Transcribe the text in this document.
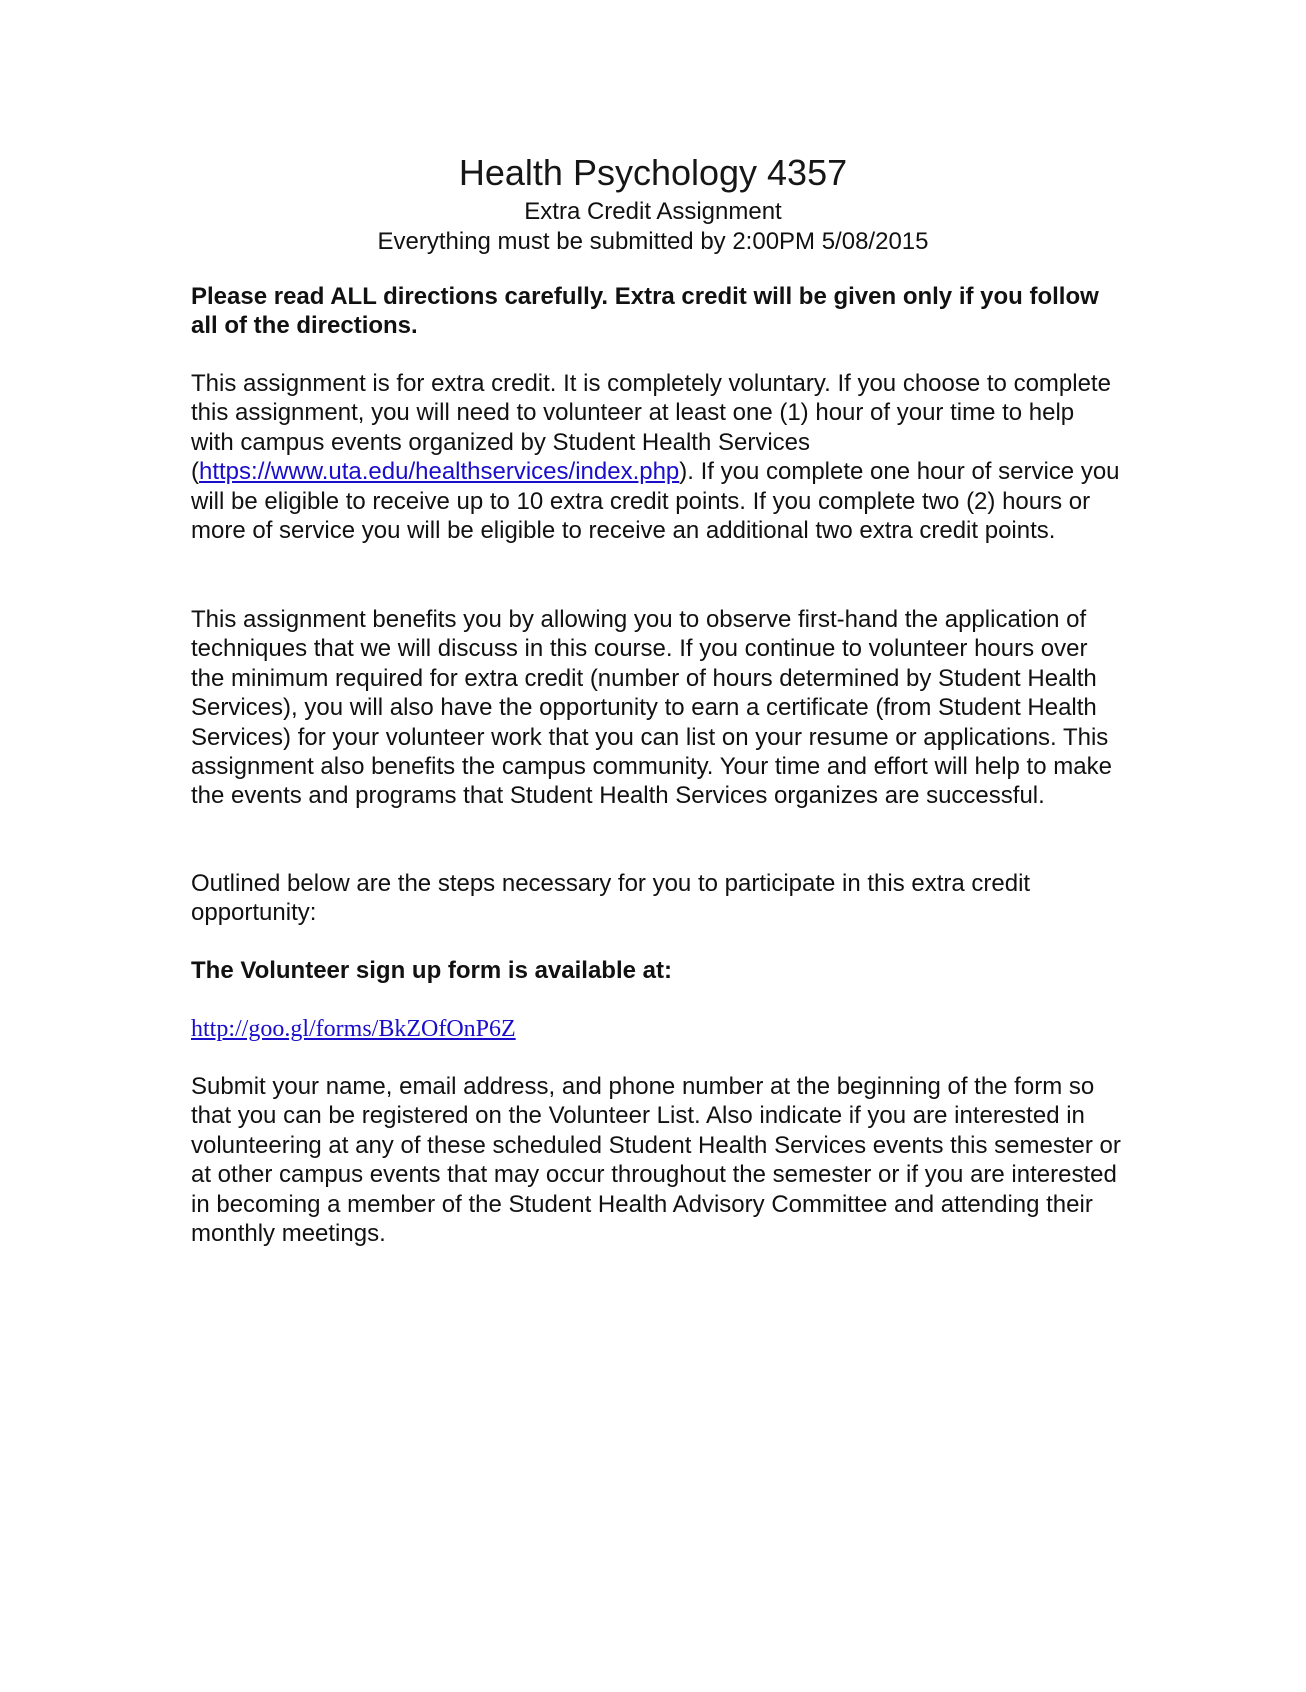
Health Psychology 4357
Extra Credit Assignment
Everything must be submitted by 2:00PM 5/08/2015

Please read ALL directions carefully. Extra credit will be given only if you follow all of the directions.

This assignment is for extra credit. It is completely voluntary. If you choose to complete this assignment, you will need to volunteer at least one (1) hour of your time to help with campus events organized by Student Health Services (https://www.uta.edu/healthservices/index.php). If you complete one hour of service you will be eligible to receive up to 10 extra credit points. If you complete two (2) hours or more of service you will be eligible to receive an additional two extra credit points.

This assignment benefits you by allowing you to observe first-hand the application of techniques that we will discuss in this course. If you continue to volunteer hours over the minimum required for extra credit (number of hours determined by Student Health Services), you will also have the opportunity to earn a certificate (from Student Health Services) for your volunteer work that you can list on your resume or applications. This assignment also benefits the campus community. Your time and effort will help to make the events and programs that Student Health Services organizes are successful.

Outlined below are the steps necessary for you to participate in this extra credit opportunity:

The Volunteer sign up form is available at:

http://goo.gl/forms/BkZOfOnP6Z

Submit your name, email address, and phone number at the beginning of the form so that you can be registered on the Volunteer List. Also indicate if you are interested in volunteering at any of these scheduled Student Health Services events this semester or at other campus events that may occur throughout the semester or if you are interested in becoming a member of the Student Health Advisory Committee and attending their monthly meetings.
